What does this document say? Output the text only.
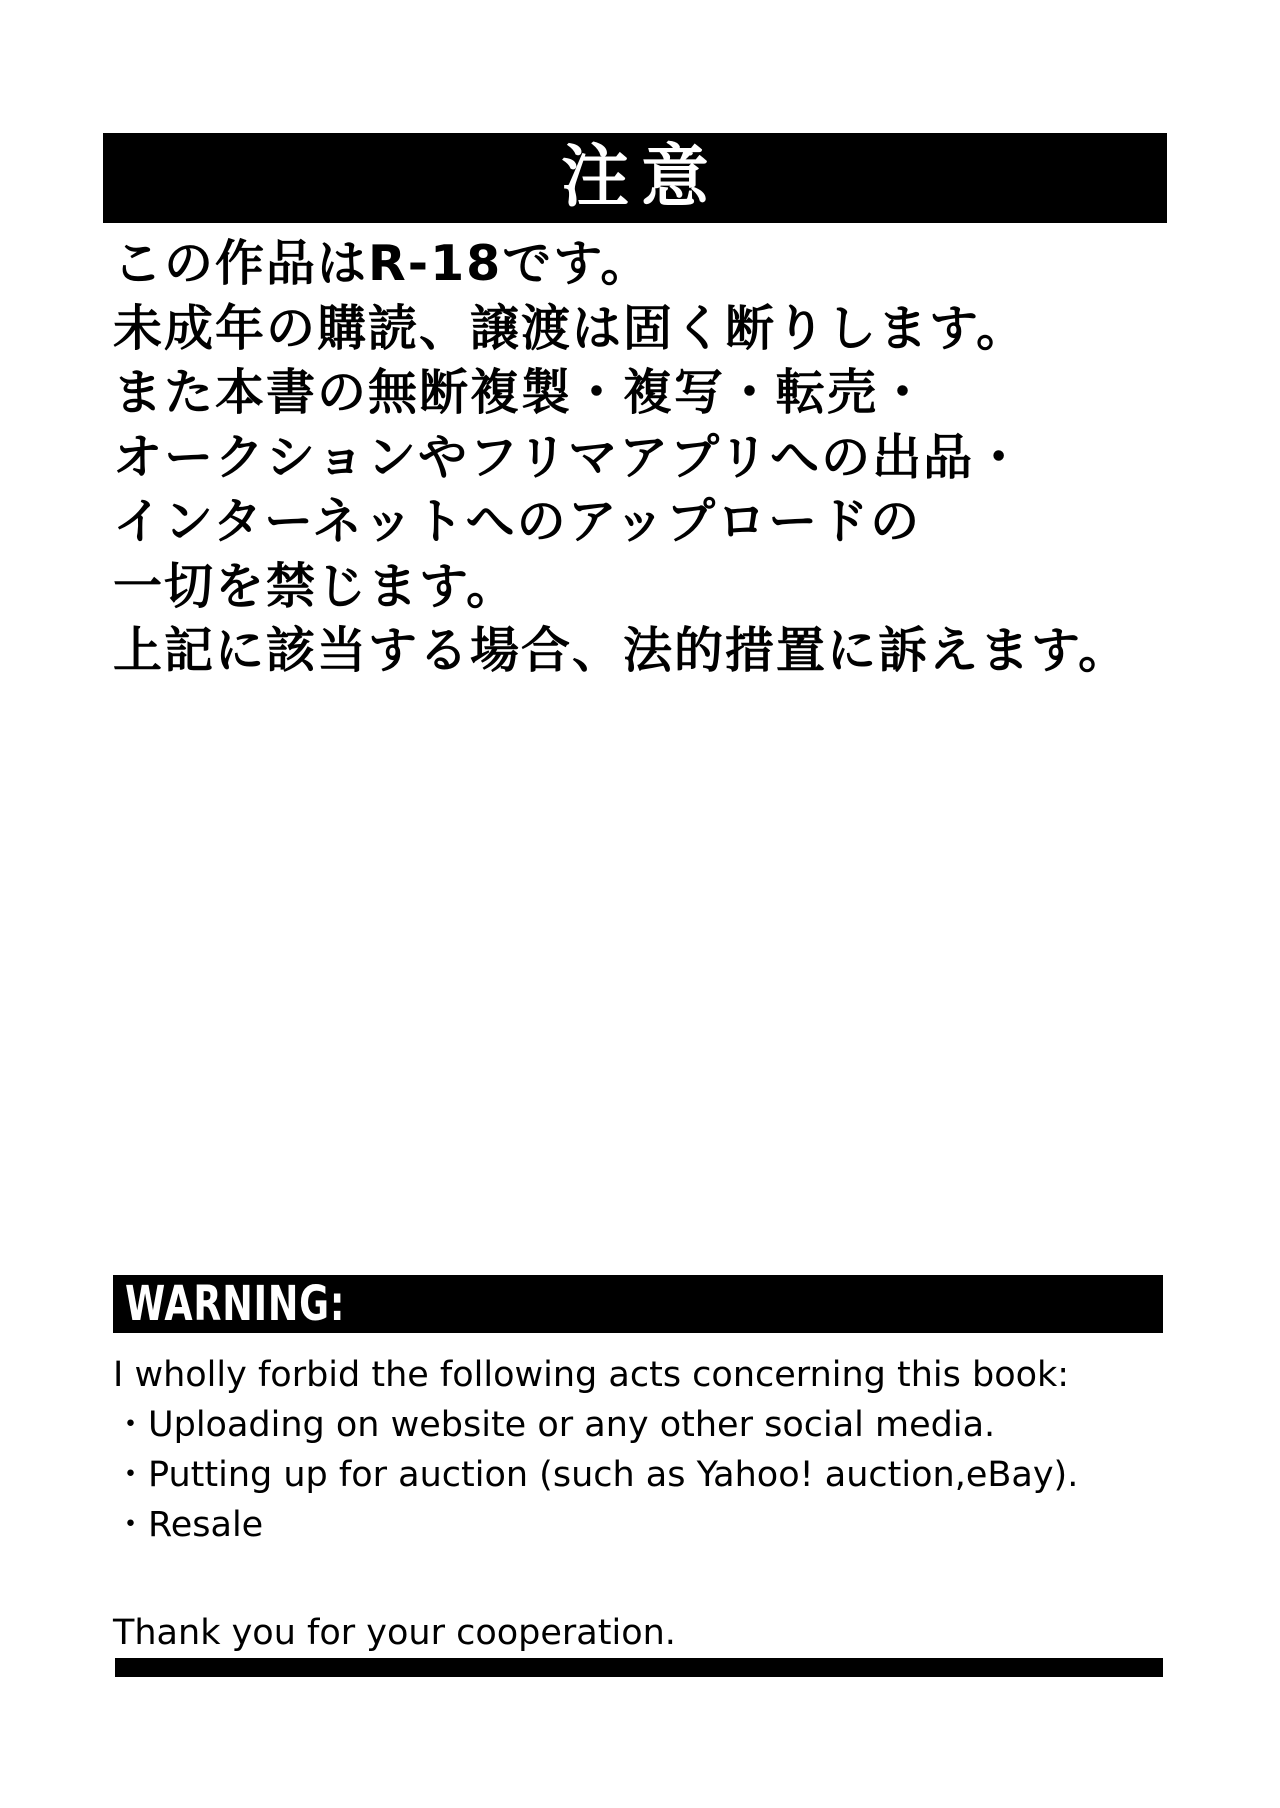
注意
この作品はR-18です。
未成年の購読、譲渡は固く断りします。
また本書の無断複製・複写・転売・
オークションやフリマアプリへの出品・
インターネットへのアップロードの
一切を禁じます。
上記に該当する場合、法的措置に訴えます。
WARNING:
I wholly forbid the following acts concerning this book:
・Uploading on website or any other social media.
・Putting up for auction (such as Yahoo! auction,eBay).
・Resale
Thank you for your cooperation.
